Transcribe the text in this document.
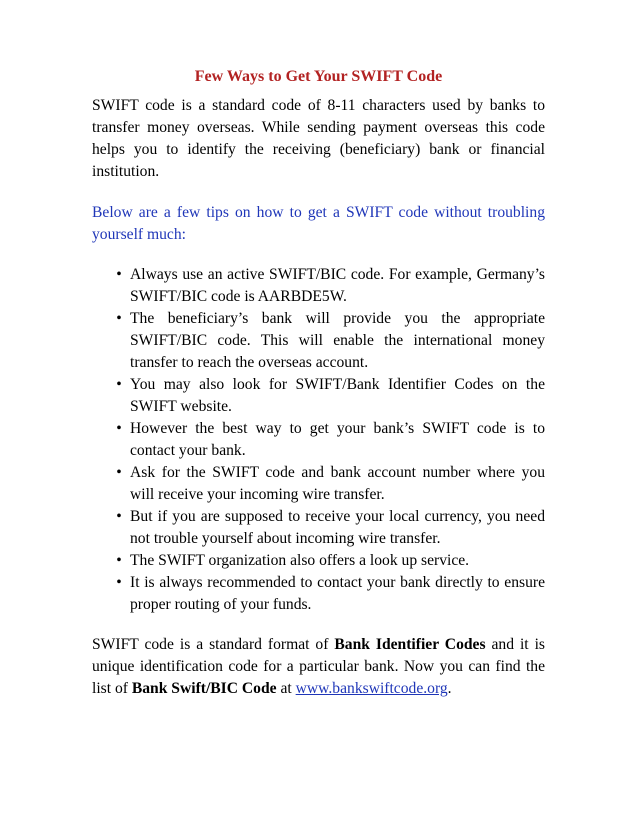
Few Ways to Get Your SWIFT Code

SWIFT code is a standard code of 8-11 characters used by banks to transfer money overseas. While sending payment overseas this code helps you to identify the receiving (beneficiary) bank or financial institution.

Below are a few tips on how to get a SWIFT code without troubling yourself much:

• Always use an active SWIFT/BIC code. For example, Germany’s SWIFT/BIC code is AARBDE5W.
• The beneficiary’s bank will provide you the appropriate SWIFT/BIC code. This will enable the international money transfer to reach the overseas account.
• You may also look for SWIFT/Bank Identifier Codes on the SWIFT website.
• However the best way to get your bank’s SWIFT code is to contact your bank.
• Ask for the SWIFT code and bank account number where you will receive your incoming wire transfer.
• But if you are supposed to receive your local currency, you need not trouble yourself about incoming wire transfer.
• The SWIFT organization also offers a look up service.
• It is always recommended to contact your bank directly to ensure proper routing of your funds.

SWIFT code is a standard format of Bank Identifier Codes and it is unique identification code for a particular bank. Now you can find the list of Bank Swift/BIC Code at www.bankswiftcode.org.
